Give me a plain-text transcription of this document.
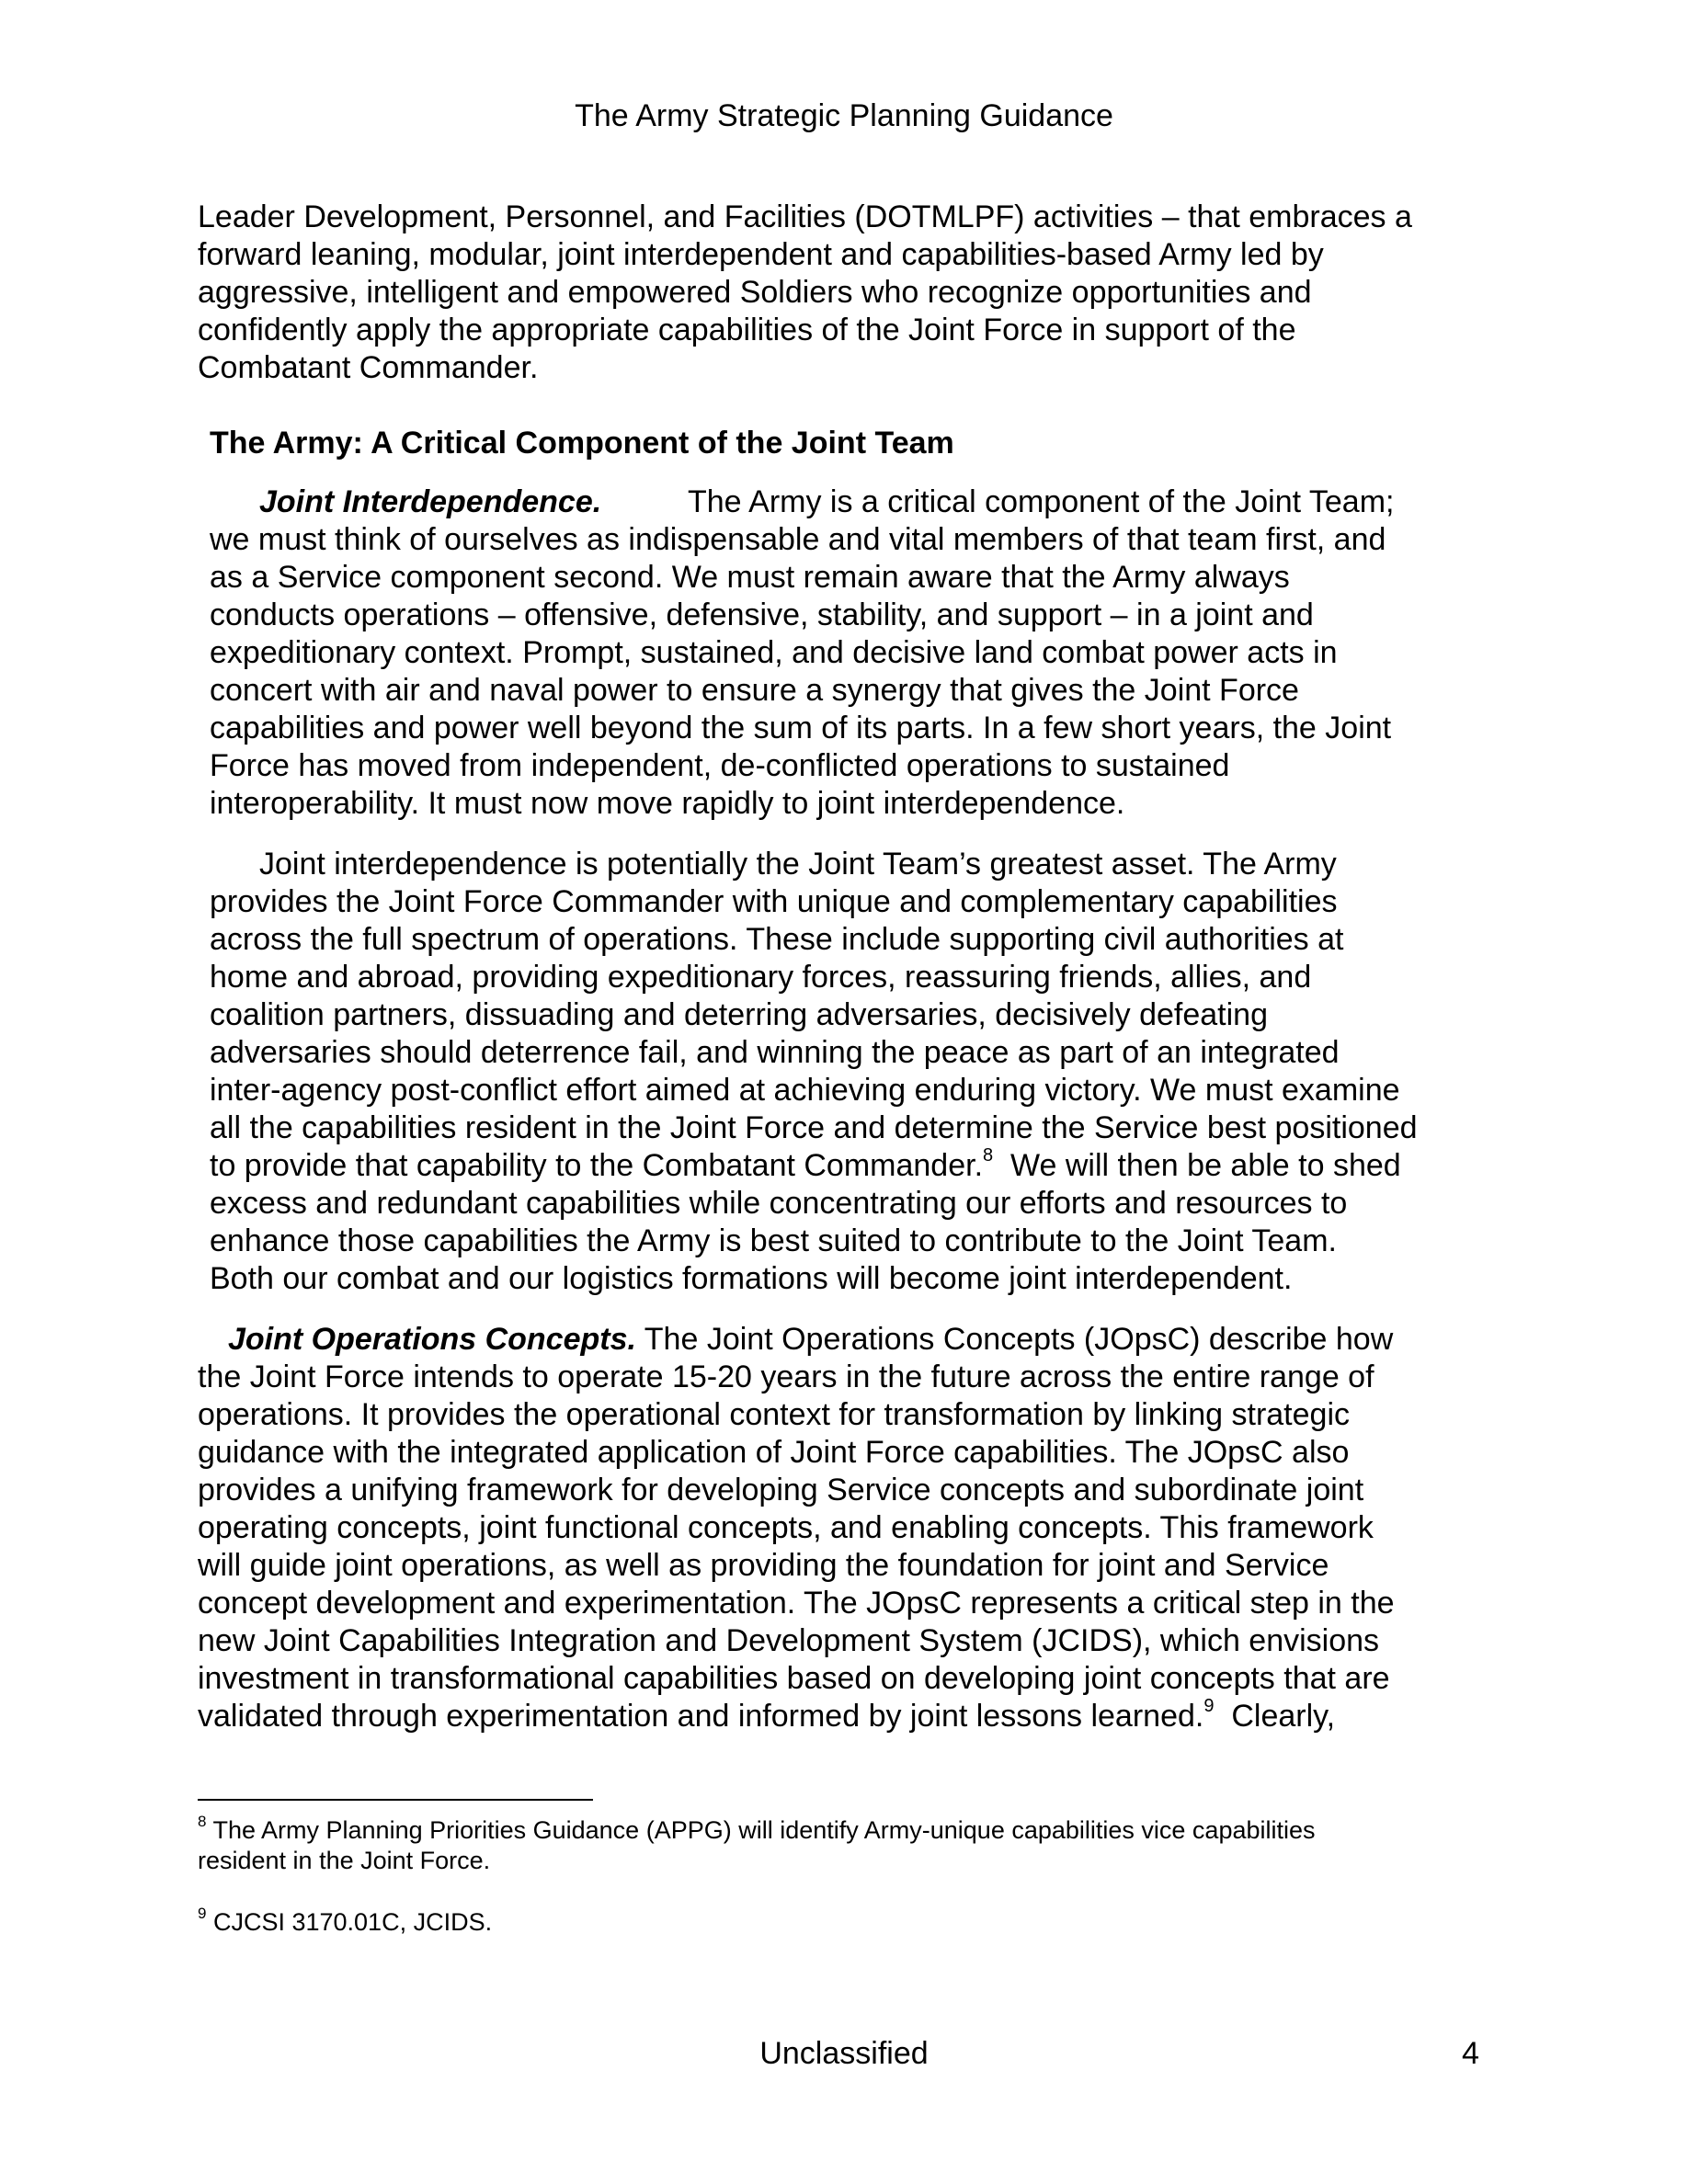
The Army Strategic Planning Guidance
Leader Development, Personnel, and Facilities (DOTMLPF) activities – that embraces a
forward leaning, modular, joint interdependent and capabilities-based Army led by
aggressive, intelligent and empowered Soldiers who recognize opportunities and
confidently apply the appropriate capabilities of the Joint Force in support of the
Combatant Commander.
The Army: A Critical Component of the Joint Team
Joint Interdependence.	The Army is a critical component of the Joint Team;
we must think of ourselves as indispensable and vital members of that team first, and
as a Service component second. We must remain aware that the Army always
conducts operations – offensive, defensive, stability, and support – in a joint and
expeditionary context. Prompt, sustained, and decisive land combat power acts in
concert with air and naval power to ensure a synergy that gives the Joint Force
capabilities and power well beyond the sum of its parts. In a few short years, the Joint
Force has moved from independent, de-conflicted operations to sustained
interoperability. It must now move rapidly to joint interdependence.
Joint interdependence is potentially the Joint Team’s greatest asset. The Army
provides the Joint Force Commander with unique and complementary capabilities
across the full spectrum of operations. These include supporting civil authorities at
home and abroad, providing expeditionary forces, reassuring friends, allies, and
coalition partners, dissuading and deterring adversaries, decisively defeating
adversaries should deterrence fail, and winning the peace as part of an integrated
inter-agency post-conflict effort aimed at achieving enduring victory. We must examine
all the capabilities resident in the Joint Force and determine the Service best positioned
to provide that capability to the Combatant Commander.$^8$  We will then be able to shed
excess and redundant capabilities while concentrating our efforts and resources to
enhance those capabilities the Army is best suited to contribute to the Joint Team.
Both our combat and our logistics formations will become joint interdependent.
Joint Operations Concepts. The Joint Operations Concepts (JOpsC) describe how
the Joint Force intends to operate 15-20 years in the future across the entire range of
operations. It provides the operational context for transformation by linking strategic
guidance with the integrated application of Joint Force capabilities. The JOpsC also
provides a unifying framework for developing Service concepts and subordinate joint
operating concepts, joint functional concepts, and enabling concepts. This framework
will guide joint operations, as well as providing the foundation for joint and Service
concept development and experimentation. The JOpsC represents a critical step in the
new Joint Capabilities Integration and Development System (JCIDS), which envisions
investment in transformational capabilities based on developing joint concepts that are
validated through experimentation and informed by joint lessons learned.$^9$  Clearly,
$^8$ The Army Planning Priorities Guidance (APPG) will identify Army-unique capabilities vice capabilities
resident in the Joint Force.
$^9$ CJCSI 3170.01C, JCIDS.
Unclassified	4
